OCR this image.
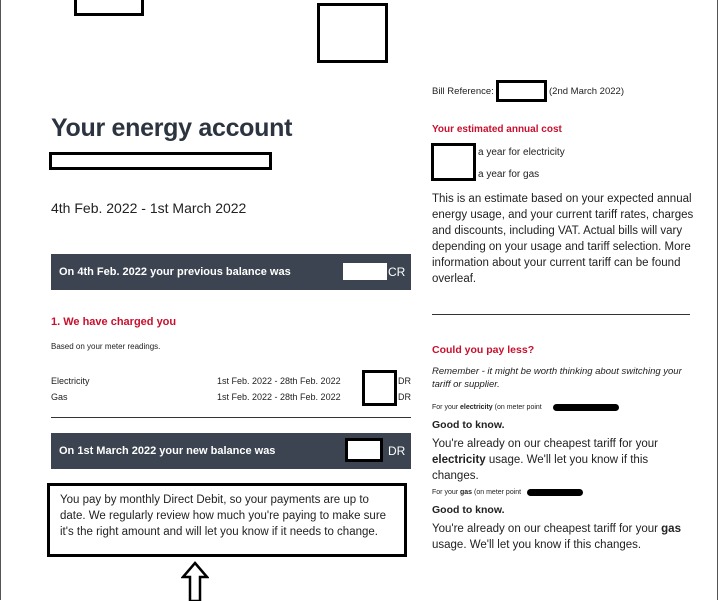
Your energy account
4th Feb. 2022 - 1st March 2022
On 4th Feb. 2022 your previous balance was	CR
1. We have charged you
Based on your meter readings.
Electricity	1st Feb. 2022 - 28th Feb. 2022	DR
Gas	1st Feb. 2022 - 28th Feb. 2022	DR
On 1st March 2022 your new balance was	DR
You pay by monthly Direct Debit, so your payments are up to date. We regularly review how much you're paying to make sure it's the right amount and will let you know if it needs to change.
Bill Reference:	(2nd March 2022)
Your estimated annual cost
a year for electricity
a year for gas
This is an estimate based on your expected annual energy usage, and your current tariff rates, charges and discounts, including VAT. Actual bills will vary depending on your usage and tariff selection. More information about your current tariff can be found overleaf.
Could you pay less?
Remember - it might be worth thinking about switching your tariff or supplier.
For your electricity (on meter point
Good to know.
You're already on our cheapest tariff for your electricity usage. We'll let you know if this changes.
For your gas (on meter point
Good to know.
You're already on our cheapest tariff for your gas usage. We'll let you know if this changes.
